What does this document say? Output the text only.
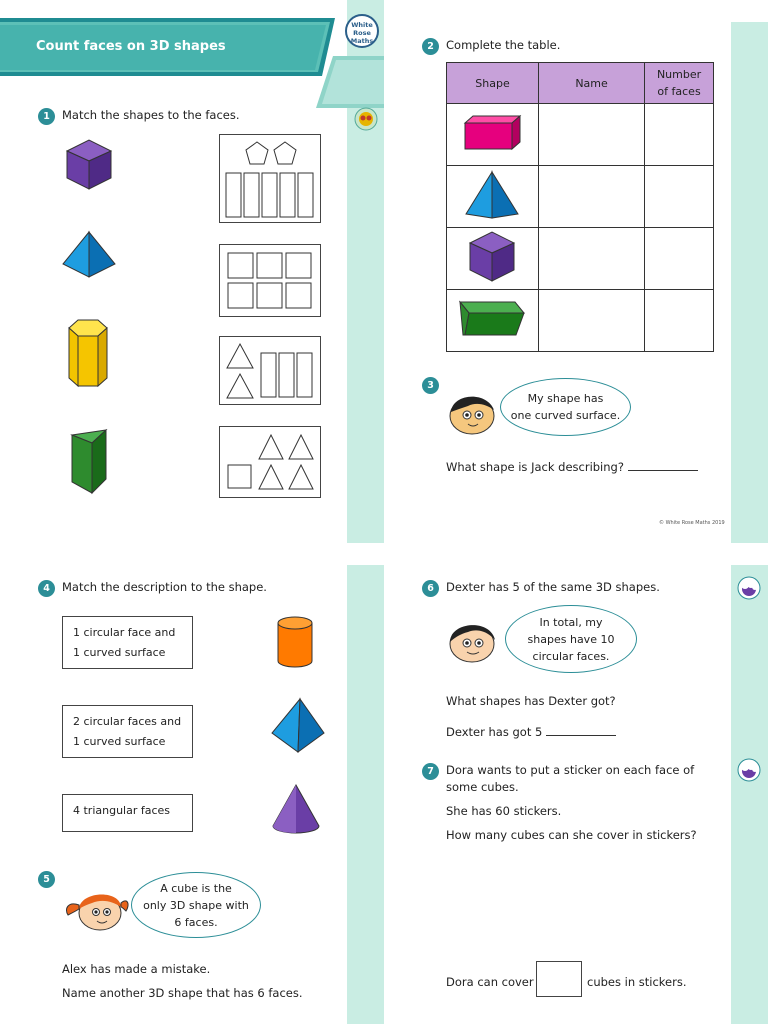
Count faces on 3D shapes
White
Rose
Maths
1	Match the shapes to the faces.
2	Complete the table.
Shape	Name	Number of faces

3
My shape has
one curved surface.
What shape is Jack describing?
© White Rose Maths 2019
4	Match the description to the shape.
1 circular face and
1 curved surface
2 circular faces and
1 curved surface
4 triangular faces
5
A cube is the
only 3D shape with
6 faces.
Alex has made a mistake.
Name another 3D shape that has 6 faces.
6	Dexter has 5 of the same 3D shapes.
In total, my
shapes have 10
circular faces.
What shapes has Dexter got?
Dexter has got 5
7	Dora wants to put a sticker on each face of
some cubes.
She has 60 stickers.
How many cubes can she cover in stickers?
Dora can cover	cubes in stickers.
